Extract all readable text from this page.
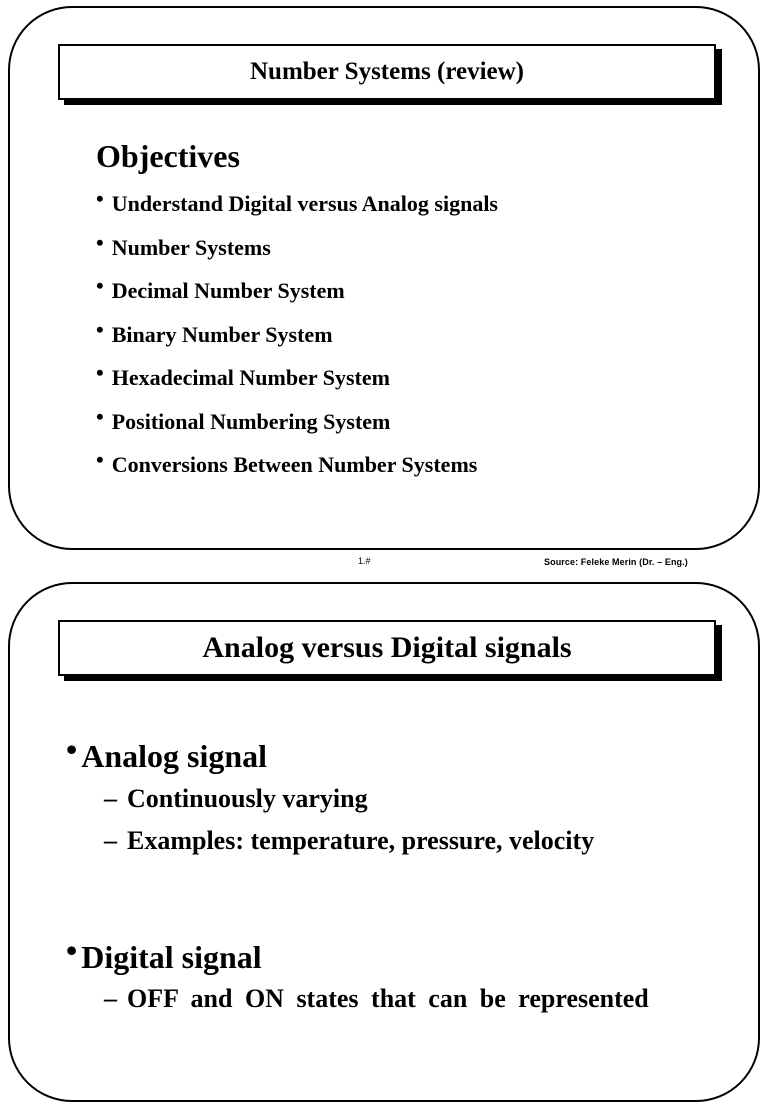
Number Systems (review)
Objectives
• Understand Digital versus Analog signals
• Number Systems
• Decimal Number System
• Binary Number System
• Hexadecimal Number System
• Positional Numbering System
• Conversions Between Number Systems
1.#	Source: Feleke Merin (Dr. – Eng.)
Analog versus Digital signals
• Analog signal
– Continuously varying
– Examples: temperature, pressure, velocity
• Digital signal
– OFF and ON states that can be represented
